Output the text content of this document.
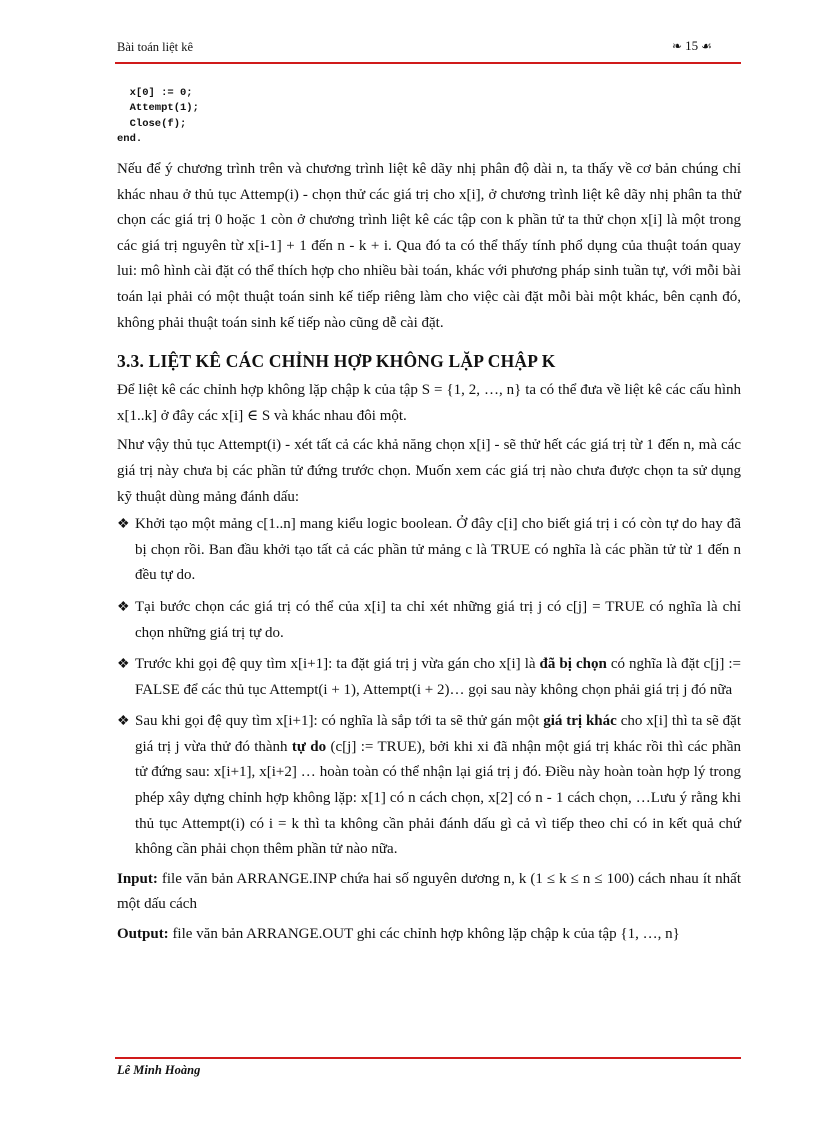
Bài toán liệt kê	❧ 15 ☙
x[0] := 0;
Attempt(1);
Close(f);
end.

Nếu để ý chương trình trên và chương trình liệt kê dãy nhị phân độ dài n, ta thấy về cơ bản chúng chỉ khác nhau ở thủ tục Attemp(i) - chọn thử các giá trị cho x[i], ở chương trình liệt kê dãy nhị phân ta thử chọn các giá trị 0 hoặc 1 còn ở chương trình liệt kê các tập con k phần tử ta thử chọn x[i] là một trong các giá trị nguyên từ x[i-1] + 1 đến n - k + i. Qua đó ta có thể thấy tính phổ dụng của thuật toán quay lui: mô hình cài đặt có thể thích hợp cho nhiều bài toán, khác với phương pháp sinh tuần tự, với mỗi bài toán lại phải có một thuật toán sinh kế tiếp riêng làm cho việc cài đặt mỗi bài một khác, bên cạnh đó, không phải thuật toán sinh kế tiếp nào cũng dễ cài đặt.

3.3. LIỆT KÊ CÁC CHỈNH HỢP KHÔNG LẶP CHẬP K

Để liệt kê các chỉnh hợp không lặp chập k của tập S = {1, 2, …, n} ta có thể đưa về liệt kê các cấu hình x[1..k] ở đây các x[i] ∈ S và khác nhau đôi một.

Như vậy thủ tục Attempt(i) - xét tất cả các khả năng chọn x[i] - sẽ thử hết các giá trị từ 1 đến n, mà các giá trị này chưa bị các phần tử đứng trước chọn. Muốn xem các giá trị nào chưa được chọn ta sử dụng kỹ thuật dùng mảng đánh dấu:

❖ Khởi tạo một mảng c[1..n] mang kiểu logic boolean. Ở đây c[i] cho biết giá trị i có còn tự do hay đã bị chọn rồi. Ban đầu khởi tạo tất cả các phần tử mảng c là TRUE có nghĩa là các phần tử từ 1 đến n đều tự do.
❖ Tại bước chọn các giá trị có thể của x[i] ta chỉ xét những giá trị j có c[j] = TRUE có nghĩa là chỉ chọn những giá trị tự do.
❖ Trước khi gọi đệ quy tìm x[i+1]: ta đặt giá trị j vừa gán cho x[i] là đã bị chọn có nghĩa là đặt c[j] := FALSE để các thủ tục Attempt(i + 1), Attempt(i + 2)… gọi sau này không chọn phải giá trị j đó nữa
❖ Sau khi gọi đệ quy tìm x[i+1]: có nghĩa là sắp tới ta sẽ thử gán một giá trị khác cho x[i] thì ta sẽ đặt giá trị j vừa thử đó thành tự do (c[j] := TRUE), bởi khi xi đã nhận một giá trị khác rồi thì các phần tử đứng sau: x[i+1], x[i+2] … hoàn toàn có thể nhận lại giá trị j đó. Điều này hoàn toàn hợp lý trong phép xây dựng chỉnh hợp không lặp: x[1] có n cách chọn, x[2] có n - 1 cách chọn, …Lưu ý rằng khi thủ tục Attempt(i) có i = k thì ta không cần phải đánh dấu gì cả vì tiếp theo chỉ có in kết quả chứ không cần phải chọn thêm phần tử nào nữa.

Input: file văn bản ARRANGE.INP chứa hai số nguyên dương n, k (1 ≤ k ≤ n ≤ 100) cách nhau ít nhất một dấu cách

Output: file văn bản ARRANGE.OUT ghi các chỉnh hợp không lặp chập k của tập {1, …, n}

Lê Minh Hoàng
